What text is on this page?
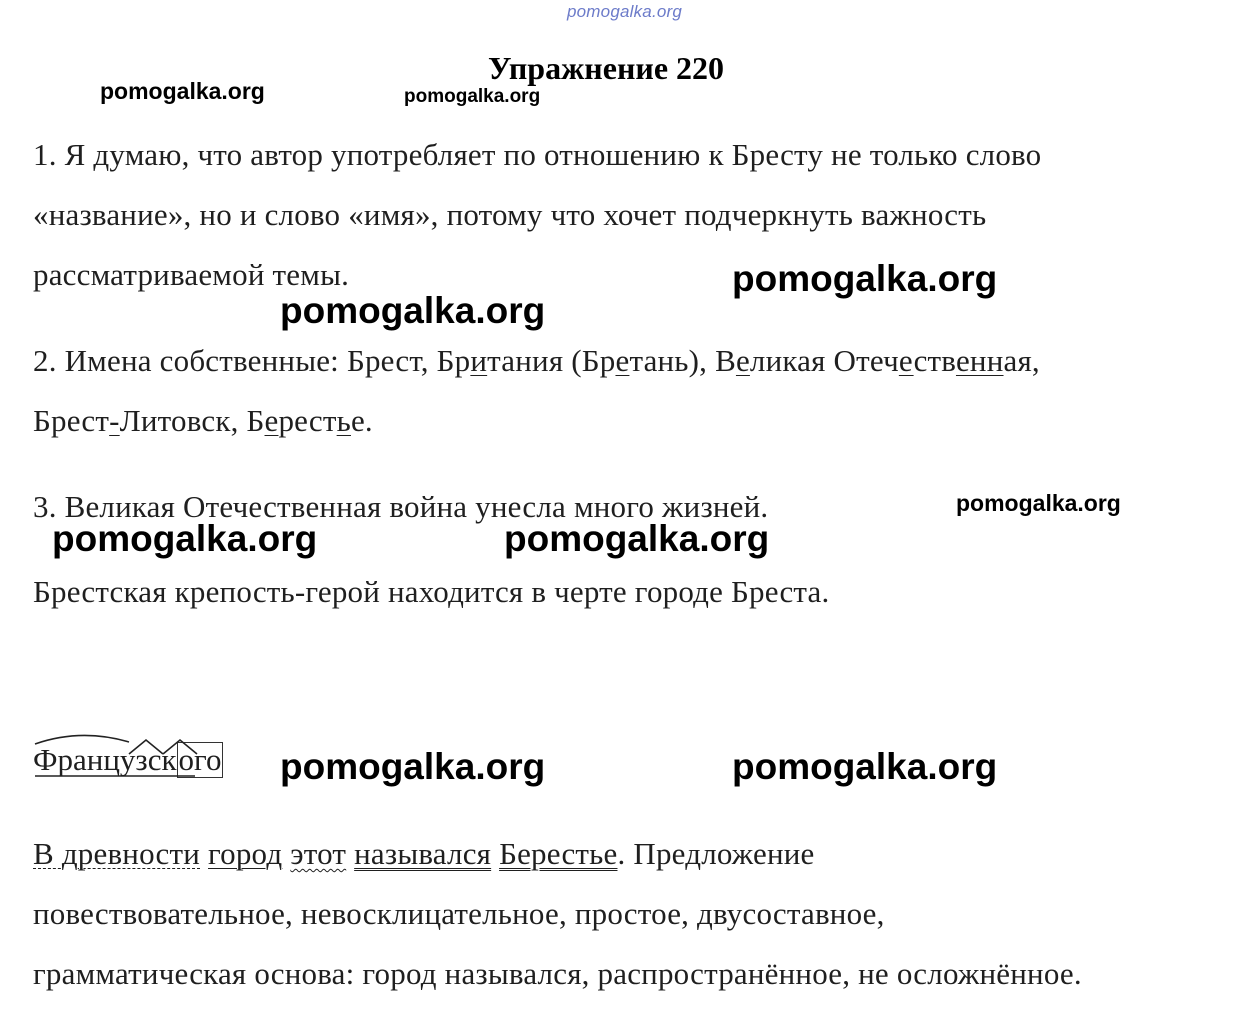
pomogalka.org
Упражнение 220
pomogalka.org	pomogalka.org
pomogalka.org
pomogalka.org
pomogalka.org
pomogalka.org	pomogalka.org
pomogalka.org	pomogalka.org
1. Я думаю, что автор употребляет по отношению к Бресту не только слово
«название», но и слово «имя», потому что хочет подчеркнуть важность
рассматриваемой темы.
2. Имена собственные: Брест, Британия (Бретань), Великая Отечественная,
Брест-Литовск, Берестье.
3. Великая Отечественная война унесла много жизней.
Брестская крепость-герой находится в черте городе Бреста.
Французского
В древности город этот назывался Берестье. Предложение
повествовательное, невосклицательное, простое, двусоставное,
грамматическая основа: город назывался, распространённое, не осложнённое.
